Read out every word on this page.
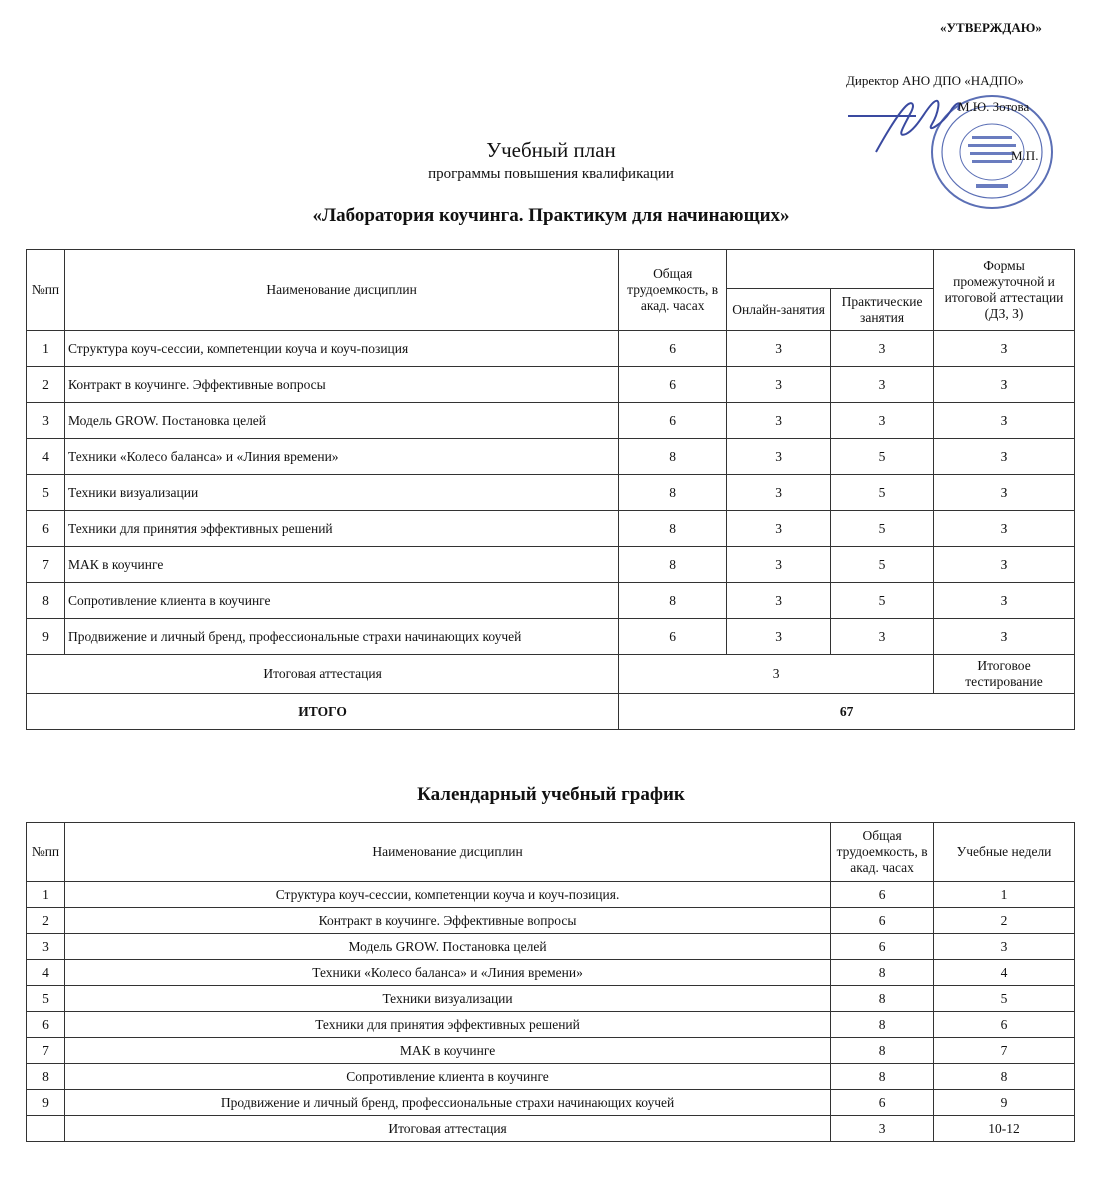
«УТВЕРЖДАЮ»
Директор АНО ДПО «НАДПО»
М.Ю. Зотова
М.П.
Учебный план
программы повышения квалификации
«Лаборатория коучинга. Практикум для начинающих»
№пп	Наименование дисциплин	Общая трудоемкость, в акад. часах			Формы промежуточной и итоговой аттестации (ДЗ, З)
			Онлайн-занятия	Практические занятия	
1	Структура коуч-сессии, компетенции коуча и коуч-позиция	6	3	3	З
2	Контракт в коучинге. Эффективные вопросы	6	3	3	З
3	Модель GROW. Постановка целей	6	3	3	З
4	Техники «Колесо баланса» и «Линия времени»	8	3	5	З
5	Техники визуализации	8	3	5	З
6	Техники для принятия эффективных решений	8	3	5	З
7	МАК в коучинге	8	3	5	З
8	Сопротивление клиента в коучинге	8	3	5	З
9	Продвижение и личный бренд, профессиональные страхи начинающих коучей	6	3	3	З
Итоговая аттестация		3			Итоговое тестирование
ИТОГО		67			
Календарный учебный график
№пп	Наименование дисциплин	Общая трудоемкость, в акад. часах	Учебные недели
1	Структура коуч-сессии, компетенции коуча и коуч-позиция.	6	1
2	Контракт в коучинге. Эффективные вопросы	6	2
3	Модель GROW. Постановка целей	6	3
4	Техники «Колесо баланса» и «Линия времени»	8	4
5	Техники визуализации	8	5
6	Техники для принятия эффективных решений	8	6
7	МАК в коучинге	8	7
8	Сопротивление клиента в коучинге	8	8
9	Продвижение и личный бренд, профессиональные страхи начинающих коучей	6	9
	Итоговая аттестация	3	10-12
